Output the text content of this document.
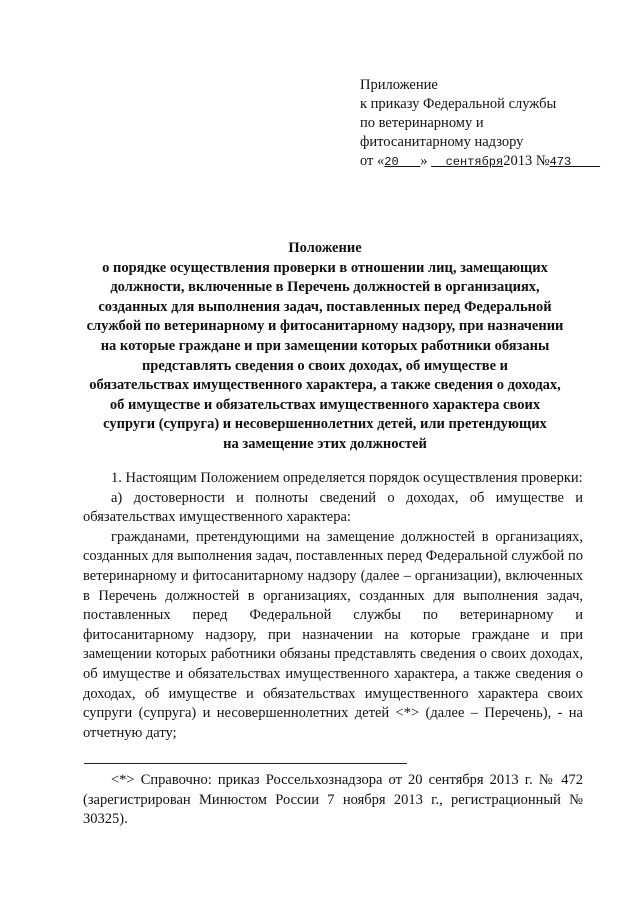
Приложение
к приказу Федеральной службы
по ветеринарному и
фитосанитарному надзору
от «20 » сентября2013 №473
Положение
о порядке осуществления проверки в отношении лиц, замещающих
должности, включенные в Перечень должностей в организациях,
созданных для выполнения задач, поставленных перед Федеральной
службой по ветеринарному и фитосанитарному надзору, при назначении
на которые граждане и при замещении которых работники обязаны
представлять сведения о своих доходах, об имуществе и
обязательствах имущественного характера, а также сведения о доходах,
об имуществе и обязательствах имущественного характера своих
супруги (супруга) и несовершеннолетних детей, или претендующих
на замещение этих должностей

1. Настоящим Положением определяется порядок осуществления проверки:

а) достоверности и полноты сведений о доходах, об имуществе и обязательствах имущественного характера:

гражданами, претендующими на замещение должностей в организациях, созданных для выполнения задач, поставленных перед Федеральной службой по ветеринарному и фитосанитарному надзору (далее – организации), включенных в Перечень должностей в организациях, созданных для выполнения задач, поставленных перед Федеральной службы по ветеринарному и фитосанитарному надзору, при назначении на которые граждане и при замещении которых работники обязаны представлять сведения о своих доходах, об имуществе и обязательствах имущественного характера, а также сведения о доходах, об имуществе и обязательствах имущественного характера своих супруги (супруга) и несовершеннолетних детей <*> (далее – Перечень), - на отчетную дату;

<*> Справочно: приказ Россельхознадзора от 20 сентября 2013 г. № 472 (зарегистрирован Минюстом России 7 ноября 2013 г., регистрационный № 30325).
